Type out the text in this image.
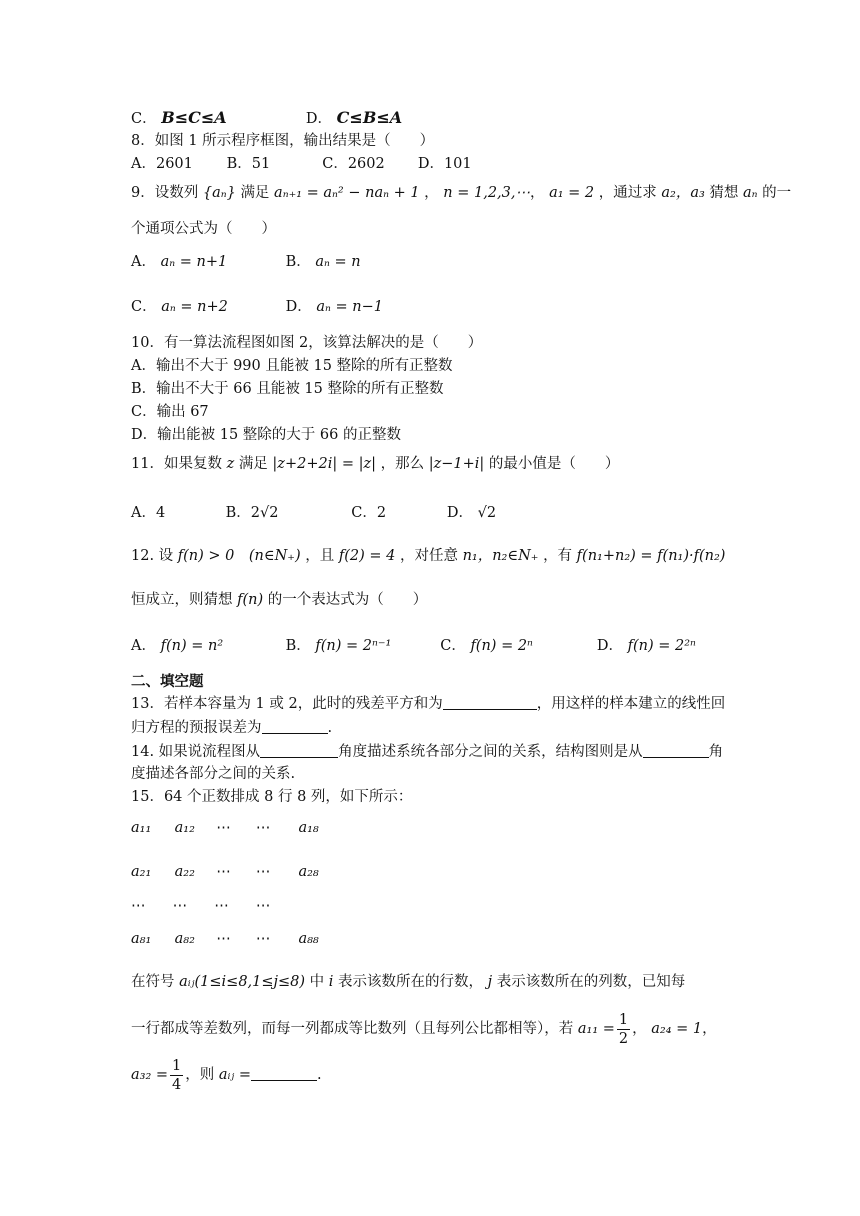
C． B≤C≤A	D． C≤B≤A
8．如图 1 所示程序框图，输出结果是（　　）
A．2601 B．51	C．2602 D．101
9．设数列 {aₙ} 满足 aₙ₊₁ = aₙ² − naₙ + 1 ， n = 1,2,3,⋯， a₁ = 2 ，通过求 a₂，a₃ 猜想 aₙ 的一
个通项公式为（　　）
A． aₙ = n+1	B． aₙ = n
C． aₙ = n+2	D． aₙ = n−1
10．有一算法流程图如图 2，该算法解决的是（　　）
A．输出不大于 990 且能被 15 整除的所有正整数
B．输出不大于 66 且能被 15 整除的所有正整数
C．输出 67
D．输出能被 15 整除的大于 66 的正整数
11．如果复数 z 满足 |z+2+2i| = |z| ，那么 |z−1+i| 的最小值是（　　）
A．4	B．2√2	C．2	D． √2
12. 设 f(n) > 0　(n∈N₊) ，且 f(2) = 4 ，对任意 n₁，n₂∈N₊ ，有 f(n₁+n₂) = f(n₁)·f(n₂)
恒成立，则猜想 f(n) 的一个表达式为（　　）
A． f(n) = n²	B． f(n) = 2ⁿ⁻¹	C． f(n) = 2ⁿ	D． f(n) = 2²ⁿ
二、填空题
13．若样本容量为 1 或 2，此时的残差平方和为	，用这样的样本建立的线性回
归方程的预报误差为	.
14. 如果说流程图从	角度描述系统各部分之间的关系，结构图则是从	角
度描述各部分之间的关系.
15．64 个正数排成 8 行 8 列，如下所示：
a₁₁ a₁₂ ⋯ ⋯ a₁₈
a₂₁ a₂₂ ⋯ ⋯ a₂₈
⋯ ⋯ ⋯ ⋯
a₈₁ a₈₂ ⋯ ⋯ a₈₈
在符号 aᵢⱼ(1≤i≤8,1≤j≤8) 中 i 表示该数所在的行数， j 表示该数所在的列数，已知每
一行都成等差数列，而每一列都成等比数列（且每列公比都相等），若 $a_{11} = \frac{1}{2}$ ， a₂₄ = 1，
$a_{32} = \frac{1}{4}$ ，则 aᵢⱼ =	.
